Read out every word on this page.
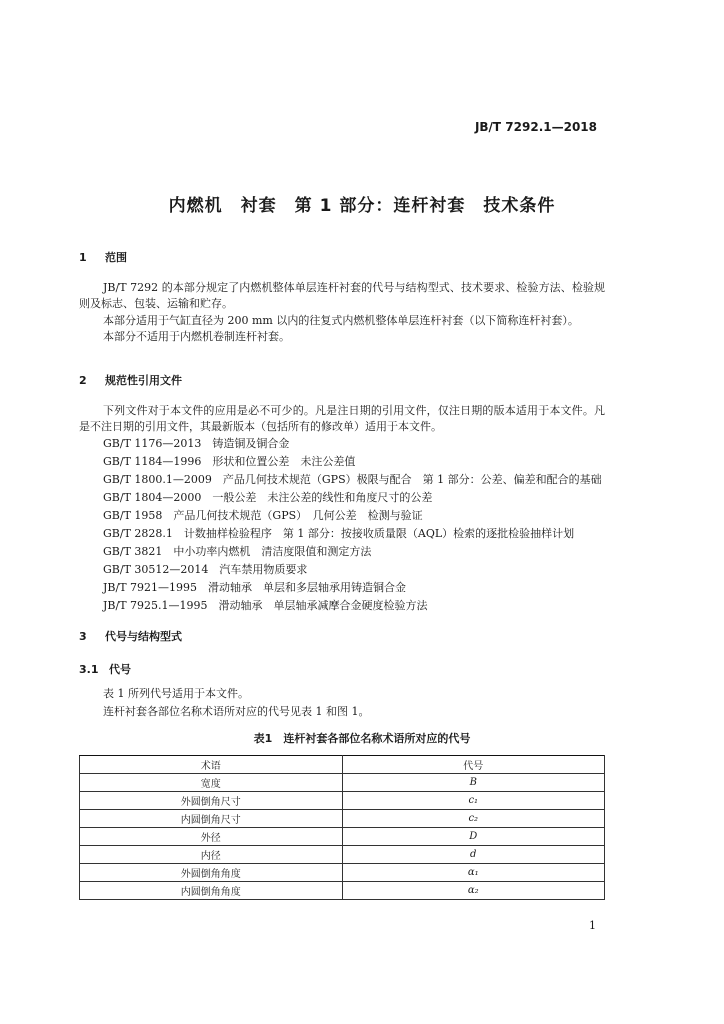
JB/T 7292.1—2018
内燃机　衬套　第 1 部分：连杆衬套　技术条件
1 范围
JB/T 7292 的本部分规定了内燃机整体单层连杆衬套的代号与结构型式、技术要求、检验方法、检验规则及标志、包装、运输和贮存。
本部分适用于气缸直径为 200 mm 以内的往复式内燃机整体单层连杆衬套（以下简称连杆衬套）。
本部分不适用于内燃机卷制连杆衬套。
2 规范性引用文件
下列文件对于本文件的应用是必不可少的。凡是注日期的引用文件，仅注日期的版本适用于本文件。凡是不注日期的引用文件，其最新版本（包括所有的修改单）适用于本文件。
GB/T 1176—2013　铸造铜及铜合金
GB/T 1184—1996　形状和位置公差　未注公差值
GB/T 1800.1—2009　产品几何技术规范（GPS）极限与配合　第 1 部分：公差、偏差和配合的基础
GB/T 1804—2000　一般公差　未注公差的线性和角度尺寸的公差
GB/T 1958　产品几何技术规范（GPS）　几何公差　检测与验证
GB/T 2828.1　计数抽样检验程序　第 1 部分：按接收质量限（AQL）检索的逐批检验抽样计划
GB/T 3821　中小功率内燃机　清洁度限值和测定方法
GB/T 30512—2014　汽车禁用物质要求
JB/T 7921—1995　滑动轴承　单层和多层轴承用铸造铜合金
JB/T 7925.1—1995　滑动轴承　单层轴承减摩合金硬度检验方法
3 代号与结构型式
3.1 代号
表 1 所列代号适用于本文件。
连杆衬套各部位名称术语所对应的代号见表 1 和图 1。
表1　连杆衬套各部位名称术语所对应的代号
术语	代号
宽度	B
外圆倒角尺寸	c₁
内圆倒角尺寸	c₂
外径	D
内径	d
外圆倒角角度	α₁
内圆倒角角度	α₂
1
